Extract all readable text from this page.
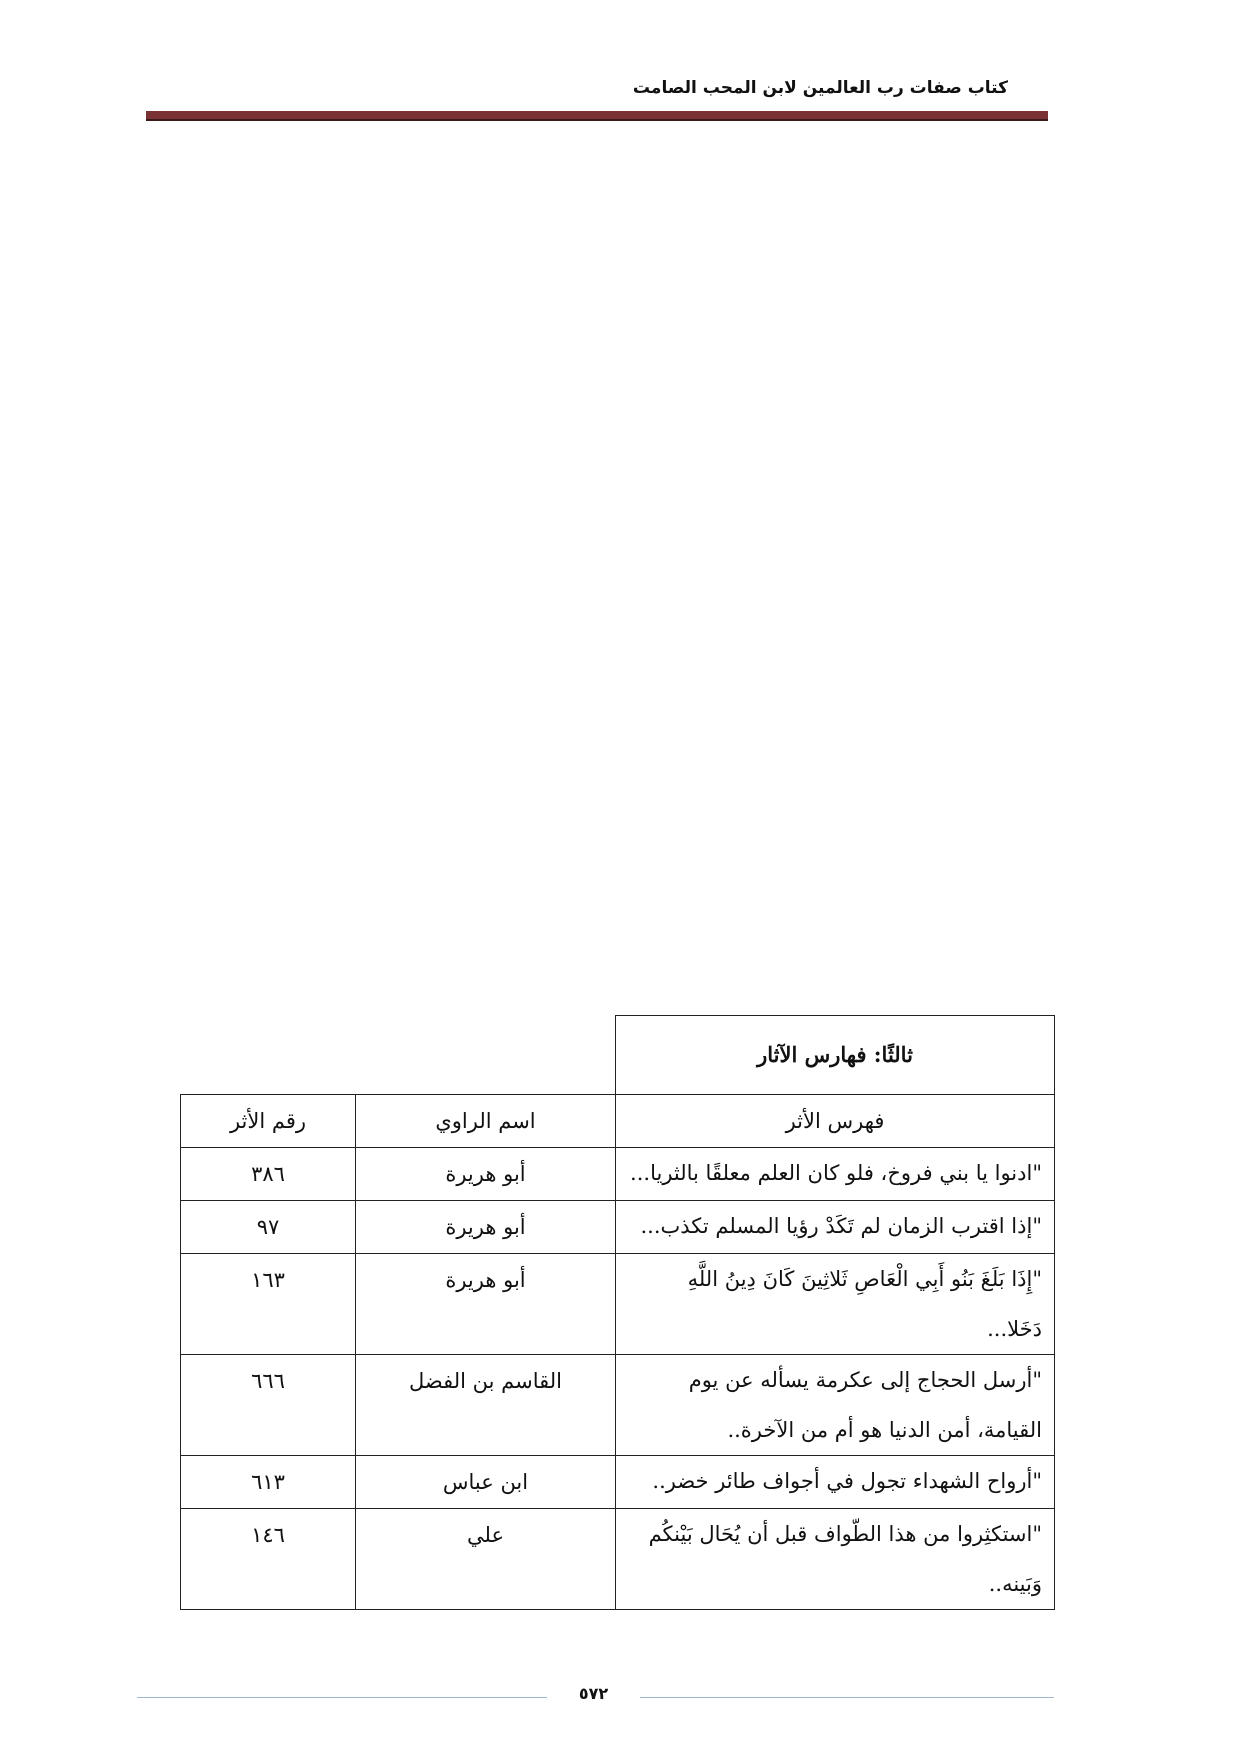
كتاب صفات رب العالمين لابن المحب الصامت
ثالثًا: فهارس الآثار		
فهرس الأثر	اسم الراوي	رقم الأثر
"ادنوا يا بني فروخ، فلو كان العلم معلقًا بالثريا...	أبو هريرة	٣٨٦
"إذا اقترب الزمان لم تَكَدْ رؤيا المسلم تكذب...	أبو هريرة	٩٧
"إِذَا بَلَغَ بَنُو أَبِي الْعَاصِ ثَلاثِينَ كَانَ دِينُ اللَّهِ دَخَلا...	أبو هريرة	١٦٣
"أرسل الحجاج إلى عكرمة يسأله عن يوم القيامة، أمن الدنيا هو أم من الآخرة..	القاسم بن الفضل	٦٦٦
"أرواح الشهداء تجول في أجواف طائر خضر..	ابن عباس	٦١٣
"استكثِروا من هذا الطّواف قبل أن يُحَال بَيْنكُم وَبَينه..	علي	١٤٦
٥٧٢
